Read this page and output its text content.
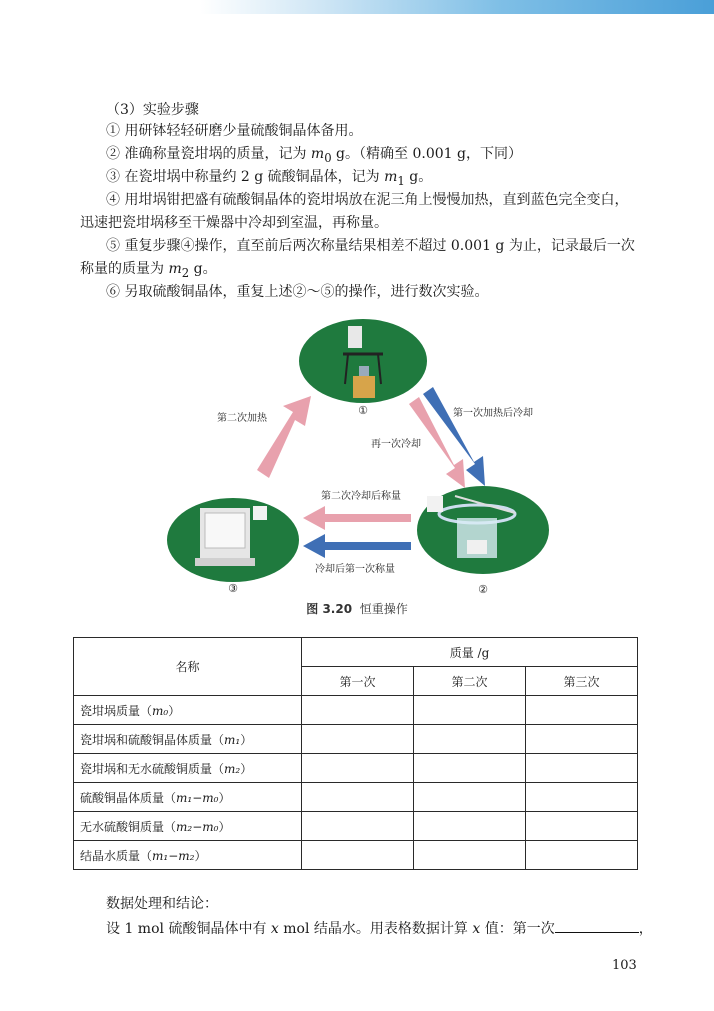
（3）实验步骤
① 用研钵轻轻研磨少量硫酸铜晶体备用。
② 准确称量瓷坩埚的质量，记为 $m_0$ g。（精确至 0.001 g，下同）
③ 在瓷坩埚中称量约 2 g 硫酸铜晶体，记为 $m_1$ g。
④ 用坩埚钳把盛有硫酸铜晶体的瓷坩埚放在泥三角上慢慢加热，直到蓝色完全变白，迅速把瓷坩埚移至干燥器中冷却到室温，再称量。
⑤ 重复步骤④操作，直至前后两次称量结果相差不超过 0.001 g 为止，记录最后一次称量的质量为 $m_2$ g。
⑥ 另取硫酸铜晶体，重复上述②～⑤的操作，进行数次实验。
①
②
③
第二次加热	第一次加热后冷却
再一次冷却
第二次冷却后称量
冷却后第一次称量
图 3.20 恒重操作
名称	质量 /g		
	第一次	第二次	第三次
瓷坩埚质量（m₀）			
瓷坩埚和硫酸铜晶体质量（m₁）			
瓷坩埚和无水硫酸铜质量（m₂）			
硫酸铜晶体质量（m₁−m₀）			
无水硫酸铜质量（m₂−m₀）			
结晶水质量（m₁−m₂）			
数据处理和结论：
设 1 mol 硫酸铜晶体中有 x mol 结晶水。用表格数据计算 x 值：第一次	，
103
